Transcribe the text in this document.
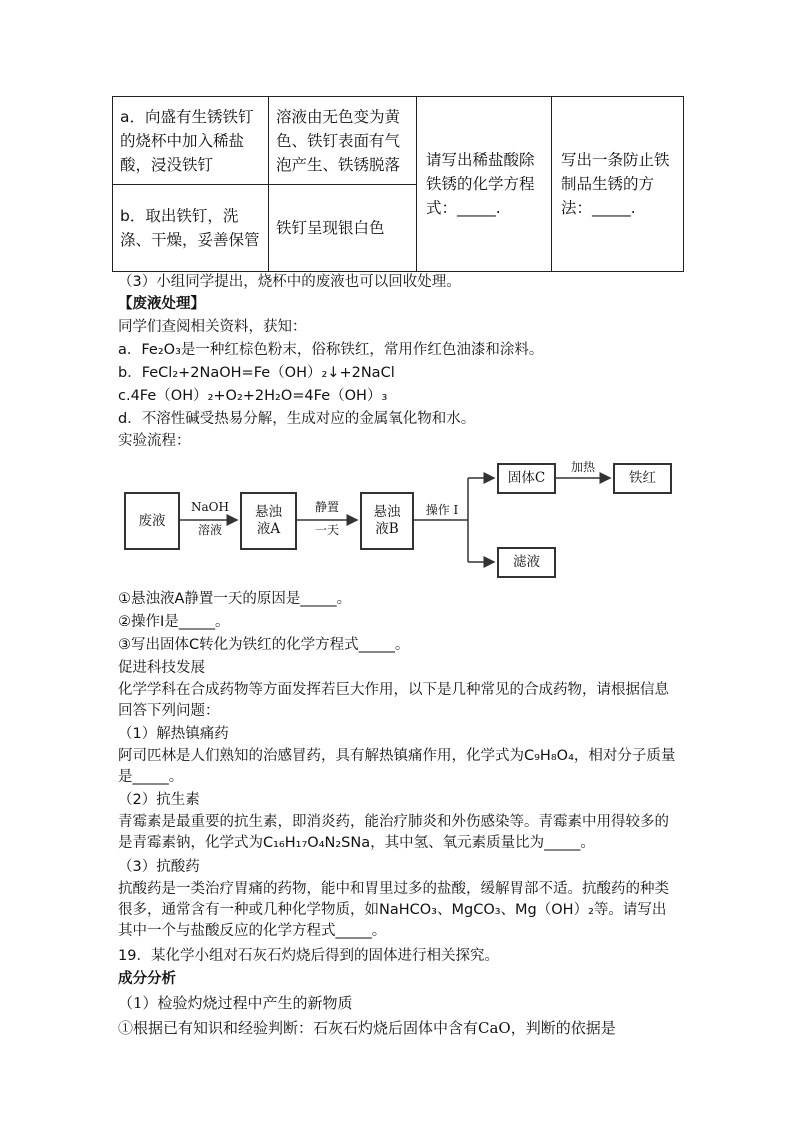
a．向盛有生锈铁钉的烧杯中加入稀盐酸，浸没铁钉	溶液由无色变为黄色、铁钉表面有气泡产生、铁锈脱落	请写出稀盐酸除铁锈的化学方程式：_____.	写出一条防止铁制品生锈的方法：_____.
b．取出铁钉，洗涤、干燥，妥善保管	铁钉呈现银白色		
（3）小组同学提出，烧杯中的废液也可以回收处理。
【废液处理】
同学们查阅相关资料，获知：
a．Fe₂O₃是一种红棕色粉末，俗称铁红，常用作红色油漆和涂料。
b．FeCl₂+2NaOH=Fe（OH）₂↓+2NaCl
c.4Fe（OH）₂+O₂+2H₂O=4Fe（OH）₃
d．不溶性碱受热易分解，生成对应的金属氧化物和水。
实验流程：
废液
NaOH
溶液
悬浊液A
静置
一天
悬浊液B
操作 I
固体C
加热
铁红
滤液
①悬浊液A静置一天的原因是_____。
②操作I是_____。
③写出固体C转化为铁红的化学方程式_____。
促进科技发展
化学学科在合成药物等方面发挥若巨大作用，以下是几种常见的合成药物，请根据信息回答下列问题：
（1）解热镇痛药
阿司匹林是人们熟知的治感冒药，具有解热镇痛作用，化学式为C₉H₈O₄，相对分子质量是_____。
（2）抗生素
青霉素是最重要的抗生素，即消炎药，能治疗肺炎和外伤感染等。青霉素中用得较多的是青霉素钠，化学式为C₁₆H₁₇O₄N₂SNa，其中氢、氧元素质量比为_____。
（3）抗酸药
抗酸药是一类治疗胃痛的药物，能中和胃里过多的盐酸，缓解胃部不适。抗酸药的种类很多，通常含有一种或几种化学物质，如NaHCO₃、MgCO₃、Mg（OH）₂等。请写出其中一个与盐酸反应的化学方程式_____。
19．某化学小组对石灰石灼烧后得到的固体进行相关探究。
成分分析
（1）检验灼烧过程中产生的新物质
①根据已有知识和经验判断：石灰石灼烧后固体中含有CaO，判断的依据是
